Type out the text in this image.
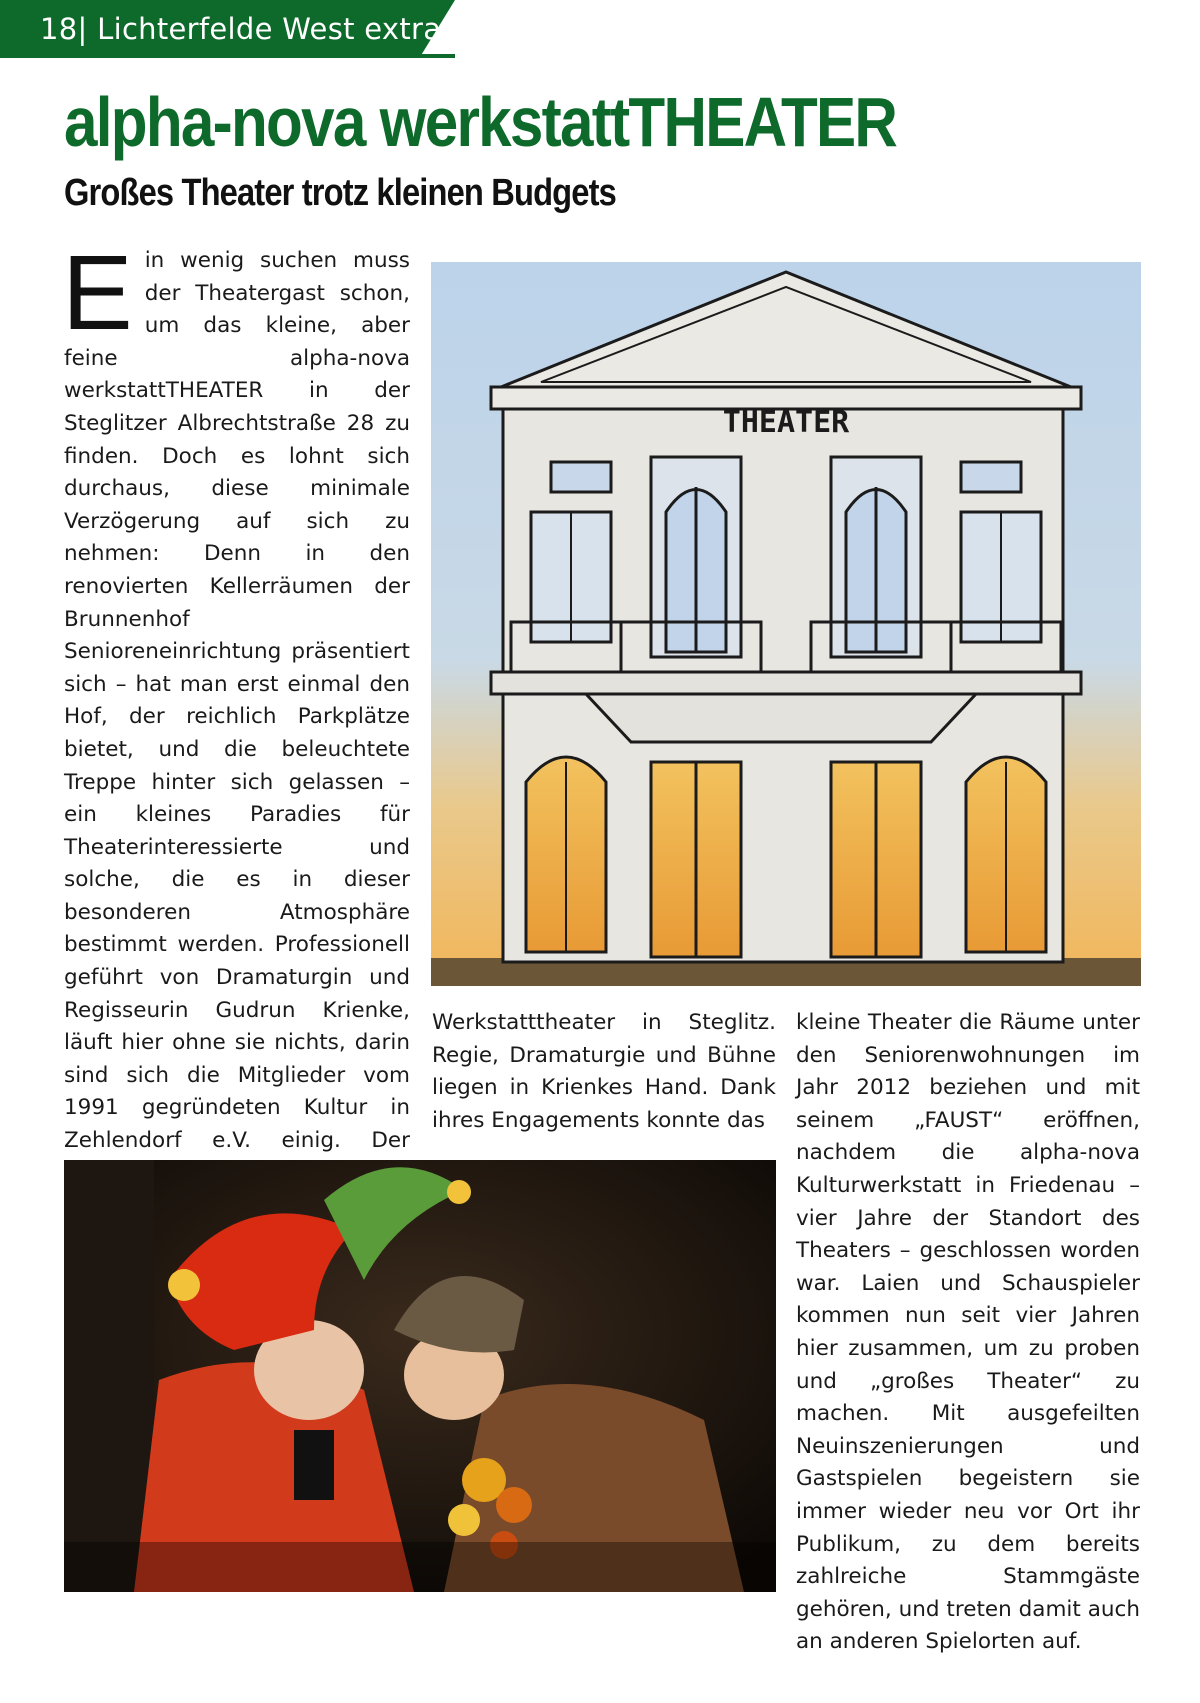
18| Lichterfelde West extra
alpha-nova werkstattTHEATER
Großes Theater trotz kleinen Budgets
E in wenig suchen muss der Theatergast schon, um das kleine, aber feine alpha-nova werkstattTHEATER in der Steglitzer Albrechtstraße 28 zu finden. Doch es lohnt sich durchaus, diese minimale Verzögerung auf sich zu nehmen: Denn in den renovierten Kellerräumen der Brunnenhof Senioreneinrichtung präsentiert sich – hat man erst einmal den Hof, der reichlich Parkplätze bietet, und die beleuchtete Treppe hinter sich gelassen – ein kleines Paradies für Theaterinteressierte und solche, die es in dieser besonderen Atmosphäre bestimmt werden. Professionell geführt von Dramaturgin und Regisseurin Gudrun Krienke, läuft hier ohne sie nichts, darin sind sich die Mitglieder vom 1991 gegründeten Kultur in Zehlendorf e.V. einig. Der

THEATER

Werkstatttheater in Steglitz. Regie, Dramaturgie und Bühne liegen in Krienkes Hand. Dank ihres Engagements konnte das

kleine Theater die Räume unter den Seniorenwohnungen im Jahr 2012 beziehen und mit seinem „FAUST“ eröffnen, nachdem die alpha-nova Kulturwerkstatt in Friedenau – vier Jahre der Standort des Theaters – geschlossen worden war. Laien und Schauspieler kommen nun seit vier Jahren hier zusammen, um zu proben und „großes Theater“ zu machen. Mit ausgefeilten Neuinszenierungen und Gastspielen begeistern sie immer wieder neu vor Ort ihr Publikum, zu dem bereits zahlreiche Stammgäste gehören, und treten damit auch an anderen Spielorten auf.

FAUST und andere Klassiker zeitgemäß im alpha-nova werkstattTHEATER päsentiert.
Foto: alpha-nova
